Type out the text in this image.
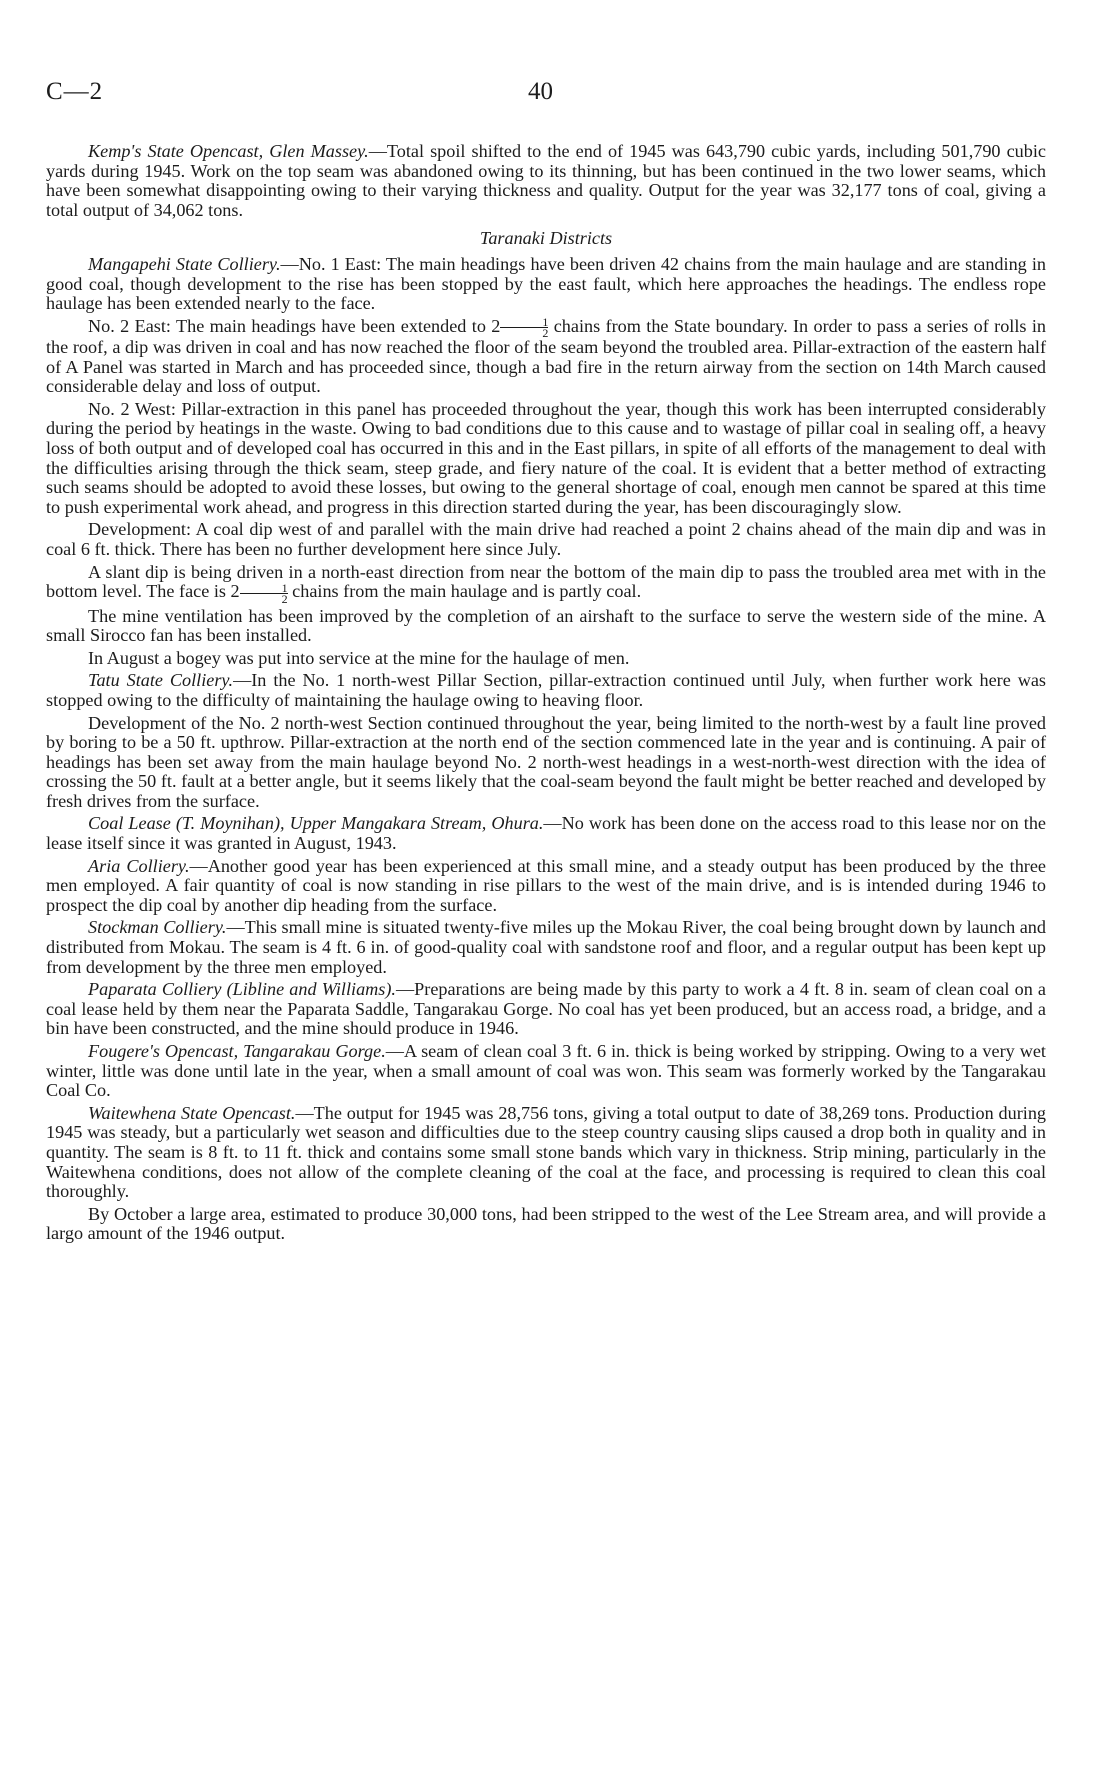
C—2	40

Kemp's State Opencast, Glen Massey.—Total spoil shifted to the end of 1945 was 643,790 cubic yards, including 501,790 cubic yards during 1945. Work on the top seam was abandoned owing to its thinning, but has been continued in the two lower seams, which have been somewhat disappointing owing to their varying thickness and quality. Output for the year was 32,177 tons of coal, giving a total output of 34,062 tons.

Taranaki Districts

Mangapehi State Colliery.—No. 1 East: The main headings have been driven 42 chains from the main haulage and are standing in good coal, though development to the rise has been stopped by the east fault, which here approaches the headings. The endless rope haulage has been extended nearly to the face.

No. 2 East: The main headings have been extended to $2 \frac{1}{2}$ chains from the State boundary. In order to pass a series of rolls in the roof, a dip was driven in coal and has now reached the floor of the seam beyond the troubled area. Pillar-extraction of the eastern half of A Panel was started in March and has proceeded since, though a bad fire in the return airway from the section on 14th March caused considerable delay and loss of output.

No. 2 West: Pillar-extraction in this panel has proceeded throughout the year, though this work has been interrupted considerably during the period by heatings in the waste. Owing to bad conditions due to this cause and to wastage of pillar coal in sealing off, a heavy loss of both output and of developed coal has occurred in this and in the East pillars, in spite of all efforts of the management to deal with the difficulties arising through the thick seam, steep grade, and fiery nature of the coal. It is evident that a better method of extracting such seams should be adopted to avoid these losses, but owing to the general shortage of coal, enough men cannot be spared at this time to push experimental work ahead, and progress in this direction started during the year, has been discouragingly slow.

Development: A coal dip west of and parallel with the main drive had reached a point 2 chains ahead of the main dip and was in coal 6 ft. thick. There has been no further development here since July.

A slant dip is being driven in a north-east direction from near the bottom of the main dip to pass the troubled area met with in the bottom level. The face is $2 \frac{1}{2}$ chains from the main haulage and is partly coal.

The mine ventilation has been improved by the completion of an airshaft to the surface to serve the western side of the mine. A small Sirocco fan has been installed.

In August a bogey was put into service at the mine for the haulage of men.

Tatu State Colliery.—In the No. 1 north-west Pillar Section, pillar-extraction continued until July, when further work here was stopped owing to the difficulty of maintaining the haulage owing to heaving floor.

Development of the No. 2 north-west Section continued throughout the year, being limited to the north-west by a fault line proved by boring to be a 50 ft. upthrow. Pillar-extraction at the north end of the section commenced late in the year and is continuing. A pair of headings has been set away from the main haulage beyond No. 2 north-west headings in a west-north-west direction with the idea of crossing the 50 ft. fault at a better angle, but it seems likely that the coal-seam beyond the fault might be better reached and developed by fresh drives from the surface.

Coal Lease (T. Moynihan), Upper Mangakara Stream, Ohura.—No work has been done on the access road to this lease nor on the lease itself since it was granted in August, 1943.

Aria Colliery.—Another good year has been experienced at this small mine, and a steady output has been produced by the three men employed. A fair quantity of coal is now standing in rise pillars to the west of the main drive, and is is intended during 1946 to prospect the dip coal by another dip heading from the surface.

Stockman Colliery.—This small mine is situated twenty-five miles up the Mokau River, the coal being brought down by launch and distributed from Mokau. The seam is 4 ft. 6 in. of good-quality coal with sandstone roof and floor, and a regular output has been kept up from development by the three men employed.

Paparata Colliery (Libline and Williams).—Preparations are being made by this party to work a 4 ft. 8 in. seam of clean coal on a coal lease held by them near the Paparata Saddle, Tangarakau Gorge. No coal has yet been produced, but an access road, a bridge, and a bin have been constructed, and the mine should produce in 1946.

Fougere's Opencast, Tangarakau Gorge.—A seam of clean coal 3 ft. 6 in. thick is being worked by stripping. Owing to a very wet winter, little was done until late in the year, when a small amount of coal was won. This seam was formerly worked by the Tangarakau Coal Co.

Waitewhena State Opencast.—The output for 1945 was 28,756 tons, giving a total output to date of 38,269 tons. Production during 1945 was steady, but a particularly wet season and difficulties due to the steep country causing slips caused a drop both in quality and in quantity. The seam is 8 ft. to 11 ft. thick and contains some small stone bands which vary in thickness. Strip mining, particularly in the Waitewhena conditions, does not allow of the complete cleaning of the coal at the face, and processing is required to clean this coal thoroughly.

By October a large area, estimated to produce 30,000 tons, had been stripped to the west of the Lee Stream area, and will provide a largo amount of the 1946 output.
